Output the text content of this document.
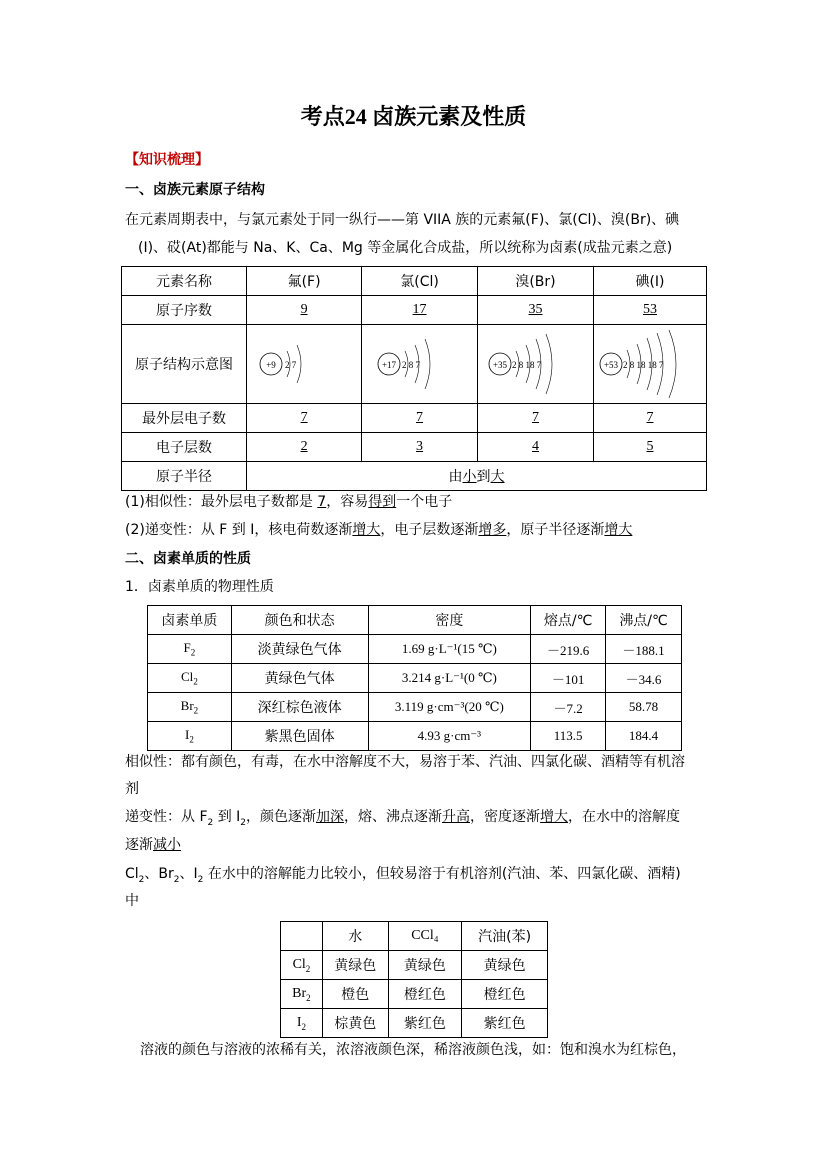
考点24 卤族元素及性质
【知识梳理】
一、卤族元素原子结构
在元素周期表中，与氯元素处于同一纵行——第 VIIA 族的元素氟(F)、氯(Cl)、溴(Br)、碘
(I)、砹(At)都能与 Na、K、Ca、Mg 等金属化合成盐，所以统称为卤素(成盐元素之意)
元素名称	氟(F)	氯(Cl)	溴(Br)	碘(I)
原子序数	9	17	35	53
原子结构示意图	+9 2 7	+17 2 8 7	+35 2 8 18 7	+53 2 8 18 18 7

最外层电子数	7	7	7	7
电子层数	2	3	4	5
原子半径	由小到大			
(1)相似性：最外层电子数都是 7，容易得到一个电子
(2)递变性：从 F 到 I，核电荷数逐渐增大，电子层数逐渐增多，原子半径逐渐增大
二、卤素单质的性质
1．卤素单质的物理性质
卤素单质	颜色和状态	密度	熔点/℃	沸点/℃
$F_2$	淡黄绿色气体	1.69 g·L⁻¹(15 ℃)	－219.6	－188.1
$Cl_2$	黄绿色气体	3.214 g·L⁻¹(0 ℃)	－101	－34.6
$Br_2$	深红棕色液体	3.119 g·cm⁻³(20 ℃)	－7.2	58.78
$I_2$	紫黑色固体	4.93 g·cm⁻³	113.5	184.4
相似性：都有颜色，有毒，在水中溶解度不大，易溶于苯、汽油、四氯化碳、酒精等有机溶
剂
递变性：从 $F_2$ 到 $I_2$，颜色逐渐加深，熔、沸点逐渐升高，密度逐渐增大，在水中的溶解度
逐渐减小
$Cl_2$、$Br_2$、$I_2$ 在水中的溶解能力比较小，但较易溶于有机溶剂(汽油、苯、四氯化碳、酒精)
中
	水	CCl₄	汽油(苯)
$Cl_2$	黄绿色	黄绿色	黄绿色
$Br_2$	橙色	橙红色	橙红色
$I_2$	棕黄色	紫红色	紫红色
溶液的颜色与溶液的浓稀有关，浓溶液颜色深，稀溶液颜色浅，如：饱和溴水为红棕色，
